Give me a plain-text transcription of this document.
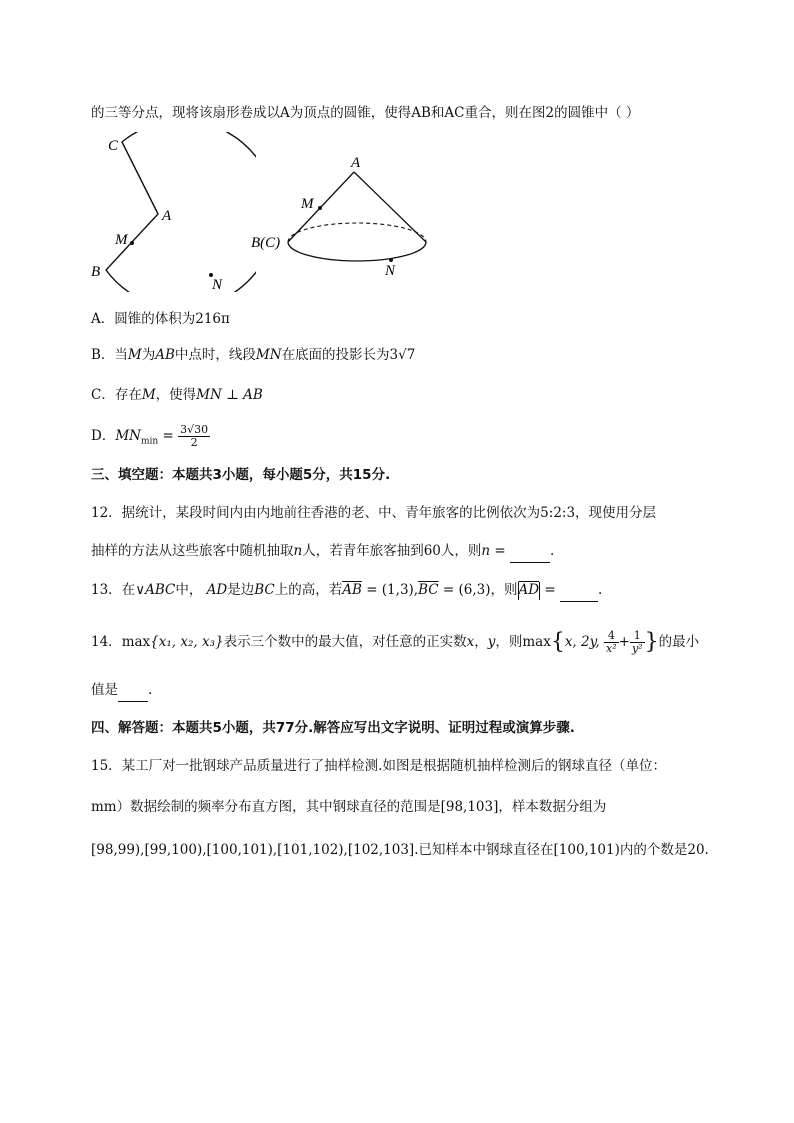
的三等分点，现将该扇形卷成以A为顶点的圆锥，使得AB和AC重合，则在图2的圆锥中（ ）
C
A
M
B
N
A
M
B(C)
N
A．圆锥的体积为216π
B．当M为AB中点时，线段MN在底面的投影长为3√7
C．存在M，使得MN ⊥ AB
D．$MN_{min} = \frac{3√30}{2}$
三、填空题：本题共3小题，每小题5分，共15分.
12．据统计，某段时间内由内地前往香港的老、中、青年旅客的比例依次为5:2:3，现使用分层
抽样的方法从这些旅客中随机抽取n人，若青年旅客抽到60人，则n =	.
13．在∨ABC中， AD是边BC上的高，若$\overline{AB} = (1,3),\overline{BC} = (6,3)$，则$\overline{AD}$ =	.
14．max{x₁, x₂, x₃}表示三个数中的最大值，对任意的正实数x，y，则max{x, 2y, $\frac{4}{\text{x²}} + \frac{1}{\text{y²}}$ }的最小
值是 .
四、解答题：本题共5小题，共77分.解答应写出文字说明、证明过程或演算步骤.
15．某工厂对一批钢球产品质量进行了抽样检测.如图是根据随机抽样检测后的钢球直径（单位：
mm）数据绘制的频率分布直方图，其中钢球直径的范围是[98,103]，样本数据分组为
[98,99),[99,100),[100,101),[101,102),[102,103].已知样本中钢球直径在[100,101)内的个数是20.
